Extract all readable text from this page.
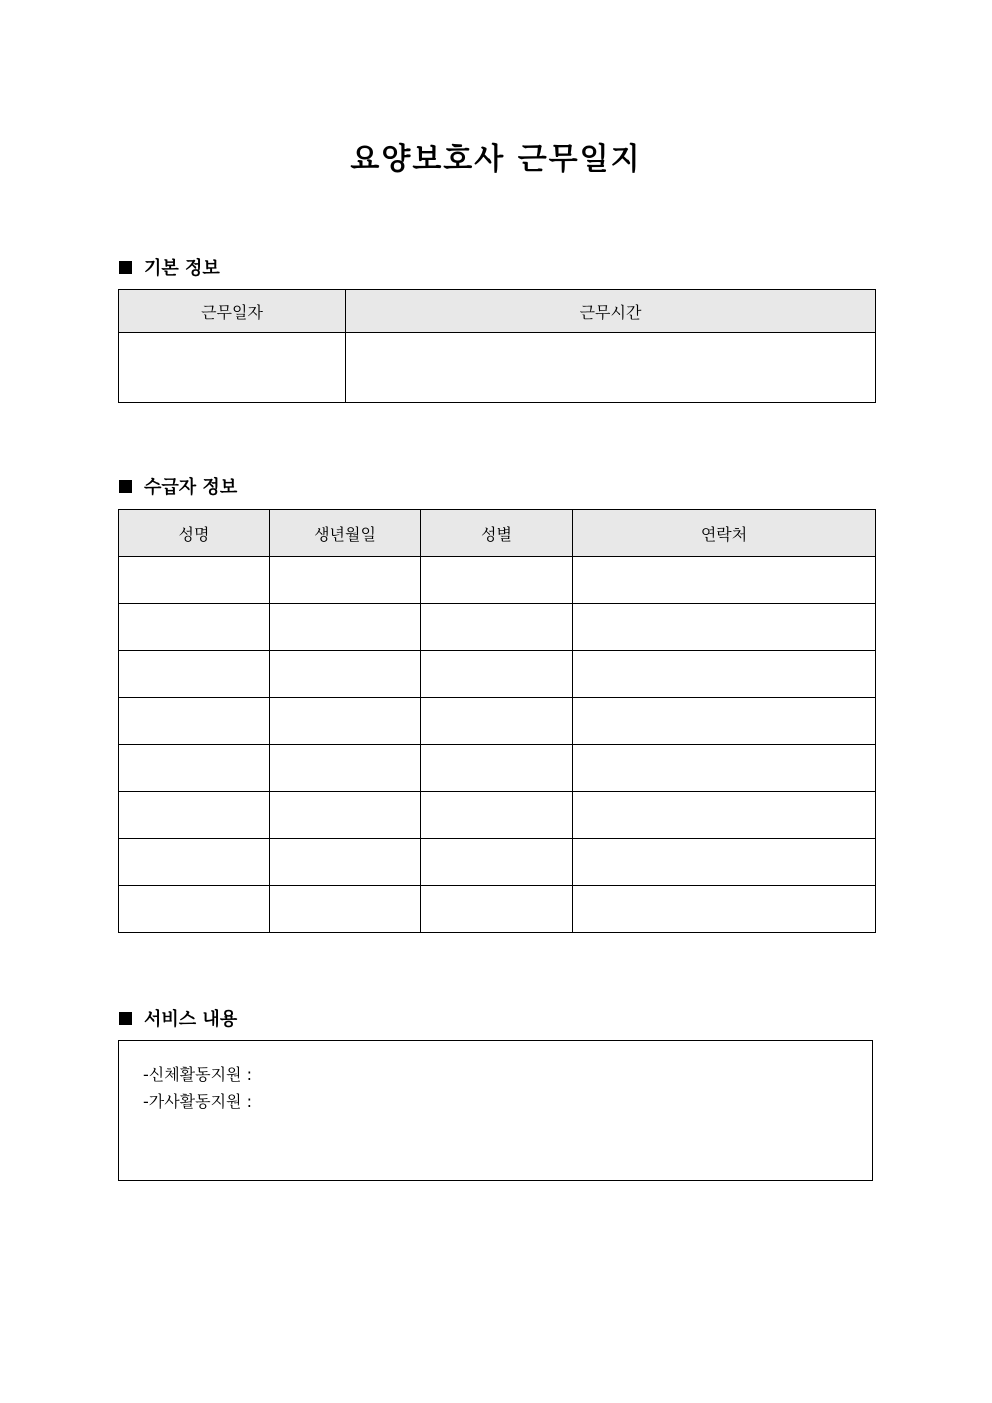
요양보호사 근무일지
기본 정보
근무일자	근무시간

수급자 정보
성명	생년월일	성별	연락처

서비스 내용
-신체활동지원 :
-가사활동지원 :
